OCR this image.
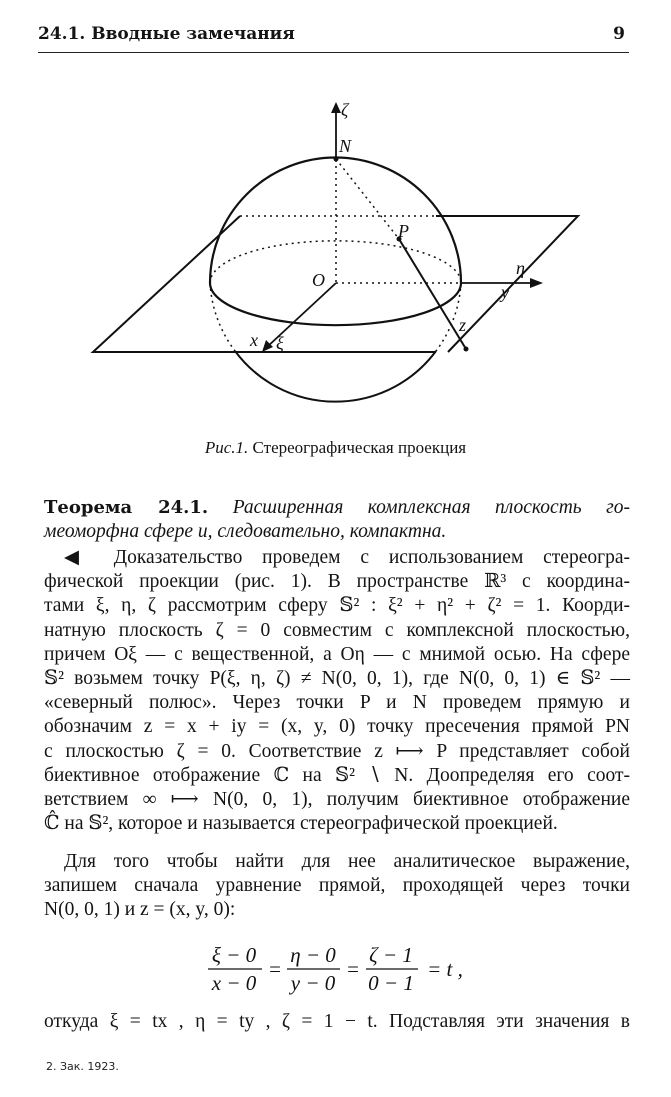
24.1. Вводные замечания	9
ζ
N
P
O
η
y
x ξ
z
Рис.1. Стереографическая проекция

Теорема 24.1. Расширенная комплексная плоскость го-

меоморфна сфере и, следовательно, компактна.

◀ Доказательство проведем с использованием стереогра-

фической проекции (рис. 1). В пространстве ℝ³ с координа-

тами ξ, η, ζ рассмотрим сферу 𝕊² : ξ² + η² + ζ² = 1. Коорди-

натную плоскость ζ = 0 совместим с комплексной плоскостью,

причем Oξ — с вещественной, а Oη — с мнимой осью. На сфере

𝕊² возьмем точку P(ξ, η, ζ) ≠ N(0, 0, 1), где N(0, 0, 1) ∈ 𝕊² —

«северный полюс». Через точки P и N проведем прямую и

обозначим z = x + iy = (x, y, 0) точку пресечения прямой PN

с плоскостью ζ = 0. Соответствие z ⟼ P представляет собой

биективное отображение ℂ на 𝕊² ∖ N. Доопределяя его соот-

ветствием ∞ ⟼ N(0, 0, 1), получим биективное отображение

ℂ̂ на 𝕊², которое и называется стереографической проекцией.

Для того чтобы найти для нее аналитическое выражение,

запишем сначала уравнение прямой, проходящей через точки

N(0, 0, 1) и z = (x, y, 0):

ξ − 0
x − 0
=
η − 0
y − 0
=
ζ − 1
0 − 1
= t ,

откуда ξ = tx , η = ty , ζ = 1 − t. Подставляя эти значения в

2. Зак. 1923.
